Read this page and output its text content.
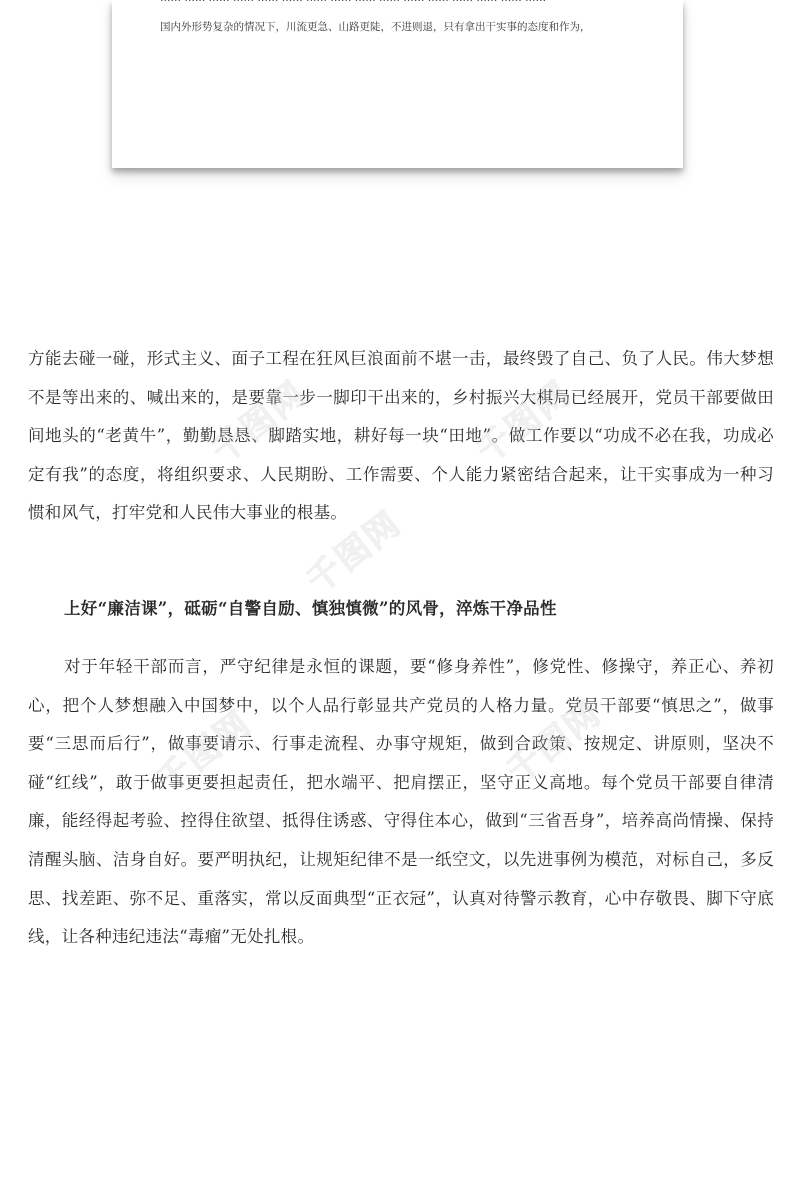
国内外形势复杂的情况下，川流更急、山路更陡，不进则退，只有拿出干实事的态度和作为，

方能去碰一碰，形式主义、面子工程在狂风巨浪面前不堪一击，最终毁了自己、负了人民。伟大梦想不是等出来的、喊出来的，是要靠一步一脚印干出来的，乡村振兴大棋局已经展开，党员干部要做田间地头的“老黄牛”，勤勤恳恳、脚踏实地，耕好每一块“田地”。做工作要以“功成不必在我，功成必定有我”的态度，将组织要求、人民期盼、工作需要、个人能力紧密结合起来，让干实事成为一种习惯和风气，打牢党和人民伟大事业的根基。

上好“廉洁课”，砥砺“自警自励、慎独慎微”的风骨，淬炼干净品性

对于年轻干部而言，严守纪律是永恒的课题，要“修身养性”，修党性、修操守，养正心、养初心，把个人梦想融入中国梦中，以个人品行彰显共产党员的人格力量。党员干部要“慎思之”，做事要“三思而后行”，做事要请示、行事走流程、办事守规矩，做到合政策、按规定、讲原则，坚决不碰“红线”，敢于做事更要担起责任，把水端平、把肩摆正，坚守正义高地。每个党员干部要自律清廉，能经得起考验、控得住欲望、抵得住诱惑、守得住本心，做到“三省吾身”，培养高尚情操、保持清醒头脑、洁身自好。要严明执纪，让规矩纪律不是一纸空文，以先进事例为模范，对标自己，多反思、找差距、弥不足、重落实，常以反面典型“正衣冠”，认真对待警示教育，心中存敬畏、脚下守底线，让各种违纪违法“毒瘤”无处扎根。

千图网	千图网
千图网
千图网	千图网
